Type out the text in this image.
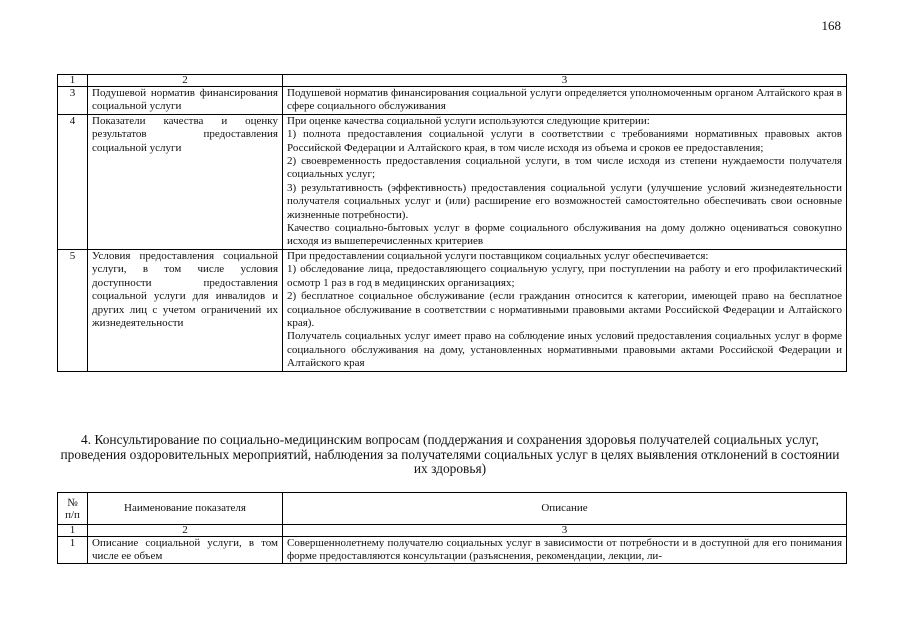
168
1	2	3
3	Подушевой норматив финансирования социальной услуги	Подушевой норматив финансирования социальной услуги определяется уполномоченным органом Алтайского края в сфере социального обслуживания

4	Показатели качества и оценку результатов предоставления социальной услуги	При оценке качества социальной услуги используются следующие критерии:
1) полнота предоставления социальной услуги в соответствии с требованиями нормативных правовых актов Российской Федерации и Алтайского края, в том числе исходя из объема и сроков ее предоставления;
2) своевременность предоставления социальной услуги, в том числе исходя из степени нуждаемости получателя социальных услуг;
3) результативность (эффективность) предоставления социальной услуги (улучшение условий жизнедеятельности получателя социальных услуг и (или) расширение его возможностей самостоятельно обеспечивать свои основные жизненные потребности).
Качество социально-бытовых услуг в форме социального обслуживания на дому должно оцениваться совокупно исходя из вышеперечисленных критериев

5	Условия предоставления социальной услуги, в том числе условия доступности предоставления социальной услуги для инвалидов и других лиц с учетом ограничений их жизнедеятельности	При предоставлении социальной услуги поставщиком социальных услуг обеспечивается:
1) обследование лица, предоставляющего социальную услугу, при поступлении на работу и его профилактический осмотр 1 раз в год в медицинских организациях;
2) бесплатное социальное обслуживание (если гражданин относится к категории, имеющей право на бесплатное социальное обслуживание в соответствии с нормативными правовыми актами Российской Федерации и Алтайского края).
Получатель социальных услуг имеет право на соблюдение иных условий предоставления социальных услуг в форме социального обслуживания на дому, установленных нормативными правовыми актами Российской Федерации и Алтайского края

4. Консультирование по социально-медицинским вопросам (поддержания и сохранения здоровья получателей социальных услуг, проведения оздоровительных мероприятий, наблюдения за получателями социальных услуг в целях выявления отклонений в состоянии их здоровья)

№ п/п	Наименование показателя	Описание
1	2	3
1	Описание социальной услуги, в том числе ее объем	Совершеннолетнему получателю социальных услуг в зависимости от потребности и в доступной для его понимания форме предоставляются консультации (разъяснения, рекомендации, лекции, ли-
